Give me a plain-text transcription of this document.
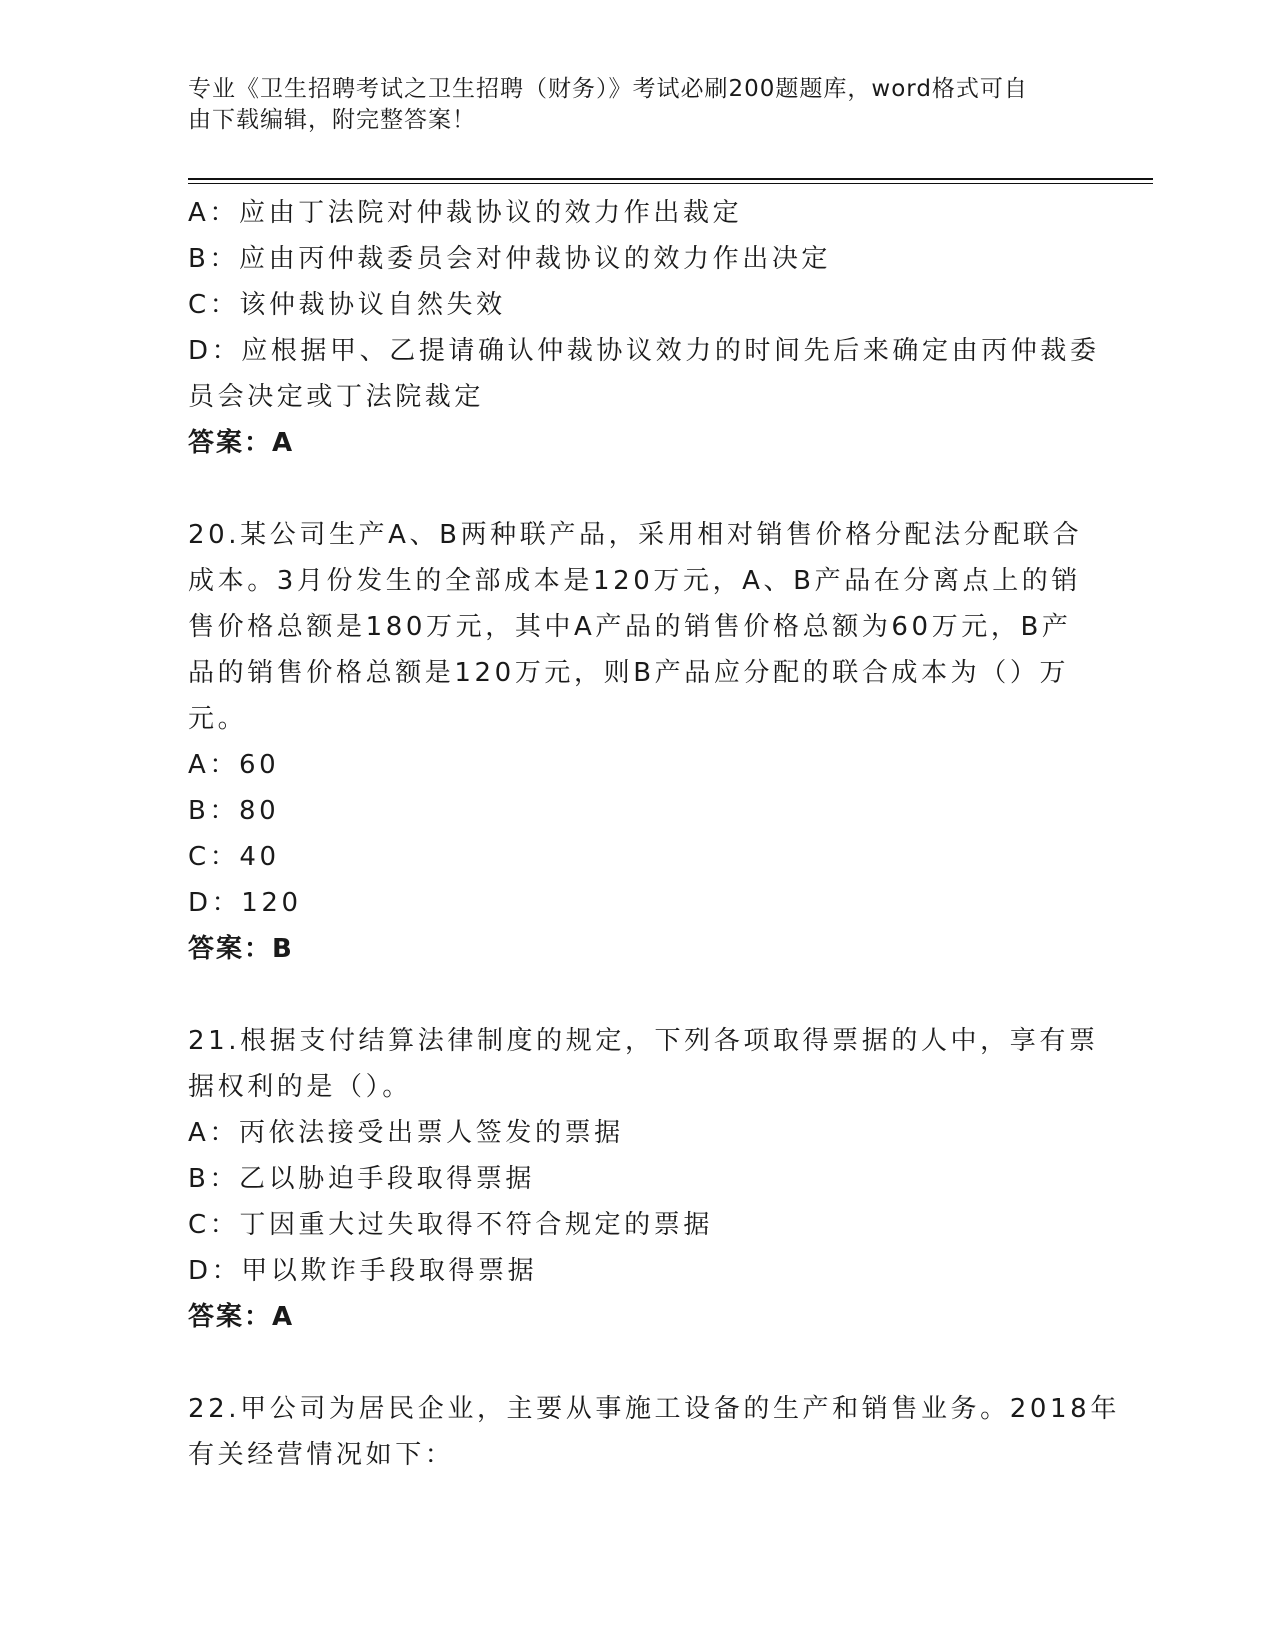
专业《卫生招聘考试之卫生招聘（财务）》考试必刷200题题库，word格式可自
由下载编辑，附完整答案！
A：应由丁法院对仲裁协议的效力作出裁定
B：应由丙仲裁委员会对仲裁协议的效力作出决定
C：该仲裁协议自然失效
D：应根据甲、乙提请确认仲裁协议效力的时间先后来确定由丙仲裁委
员会决定或丁法院裁定
答案：A
20.某公司生产A、B两种联产品，采用相对销售价格分配法分配联合
成本。3月份发生的全部成本是120万元，A、B产品在分离点上的销
售价格总额是180万元，其中A产品的销售价格总额为60万元，B产
品的销售价格总额是120万元，则B产品应分配的联合成本为（）万
元。
A：60
B：80
C：40
D：120
答案：B
21.根据支付结算法律制度的规定，下列各项取得票据的人中，享有票
据权利的是（）。
A：丙依法接受出票人签发的票据
B：乙以胁迫手段取得票据
C：丁因重大过失取得不符合规定的票据
D：甲以欺诈手段取得票据
答案：A
22.甲公司为居民企业，主要从事施工设备的生产和销售业务。2018年
有关经营情况如下：
